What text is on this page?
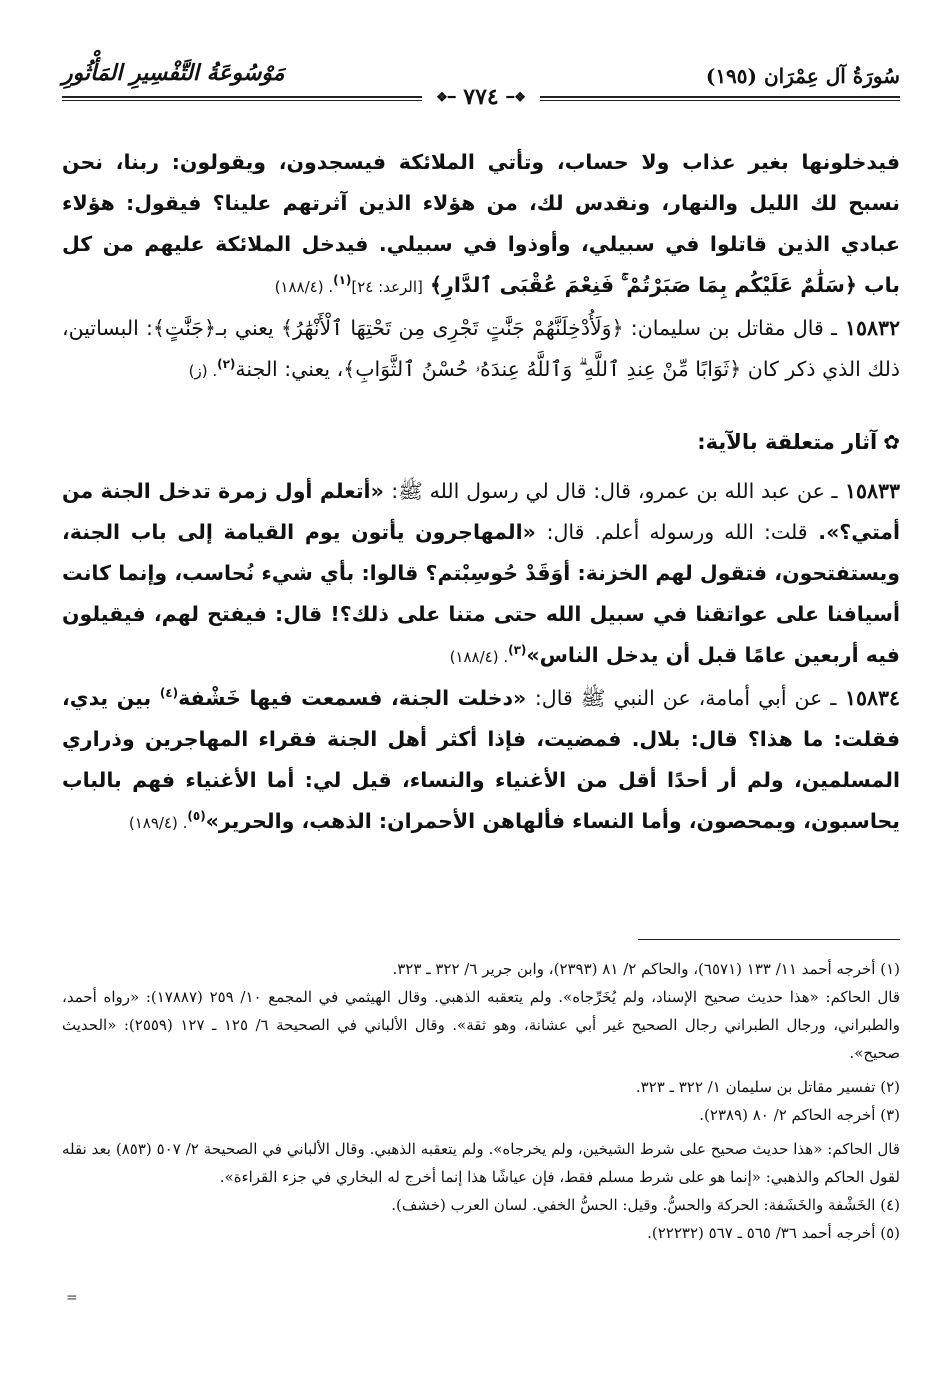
سُورَةُ آل عِمْرَان (١٩٥)
مَوْسُوعَةُ التَّفْسِيرِ المَأْثُورِ
❖━ ٧٧٤ ━❖

فيدخلونها بغير عذاب ولا حساب، وتأتي الملائكة فيسجدون، ويقولون: ربنا، نحن نسبح لك الليل والنهار، ونقدس لك، من هؤلاء الذين آثرتهم علينا؟ فيقول: هؤلاء عبادي الذين قاتلوا في سبيلي، وأوذوا في سبيلي. فيدخل الملائكة عليهم من كل باب ﴿سَلَٰمٌ عَلَيْكُم بِمَا صَبَرْتُمْ ۚ فَنِعْمَ عُقْبَى ٱلدَّارِ﴾ [الرعد: ٢٤]$^{(١)}$. (١٨٨/٤)

١٥٨٣٢ ـ قال مقاتل بن سليمان: ﴿وَلَأُدْخِلَنَّهُمْ جَنَّٰتٍ تَجْرِى مِن تَحْتِهَا ٱلْأَنْهَٰرُ﴾ يعني بـ﴿جَنَّٰتٍ﴾: البساتين، ذلك الذي ذكر كان ﴿ثَوَابًا مِّنْ عِندِ ٱللَّهِ ۗ وَٱللَّهُ عِندَهُۥ حُسْنُ ٱلثَّوَابِ﴾، يعني: الجنة$^{(٢)}$. (ز)

✿آثار متعلقة بالآية:

١٥٨٣٣ ـ عن عبد الله بن عمرو، قال: قال لي رسول الله ﷺ: «أتعلم أول زمرة تدخل الجنة من أمتي؟». قلت: الله ورسوله أعلم. قال: «المهاجرون يأتون يوم القيامة إلى باب الجنة، ويستفتحون، فتقول لهم الخزنة: أوَقَدْ حُوسِبْتم؟ قالوا: بأي شيء نُحاسب، وإنما كانت أسيافنا على عواتقنا في سبيل الله حتى متنا على ذلك؟! قال: فيفتح لهم، فيقيلون فيه أربعين عامًا قبل أن يدخل الناس»$^{(٣)}$. (١٨٨/٤)

١٥٨٣٤ ـ عن أبي أمامة، عن النبي ﷺ قال: «دخلت الجنة، فسمعت فيها خَشْفة$^{(٤)}$ بين يدي، فقلت: ما هذا؟ قال: بلال. فمضيت، فإذا أكثر أهل الجنة فقراء المهاجرين وذراري المسلمين، ولم أر أحدًا أقل من الأغنياء والنساء، قيل لي: أما الأغنياء فهم بالباب يحاسبون، ويمحصون، وأما النساء فألهاهن الأحمران: الذهب، والحرير»$^{(٥)}$. (١٨٩/٤)

(١) أخرجه أحمد ١١/ ١٣٣ (٦٥٧١)، والحاكم ٢/ ٨١ (٢٣٩٣)، وابن جرير ٦/ ٣٢٢ ـ ٣٢٣.

قال الحاكم: «هذا حديث صحيح الإسناد، ولم يُخَرِّجاه». ولم يتعقبه الذهبي. وقال الهيثمي في المجمع ١٠/ ٢٥٩ (١٧٨٨٧): «رواه أحمد، والطبراني، ورجال الطبراني رجال الصحيح غير أبي عشانة، وهو ثقة». وقال الألباني في الصحيحة ٦/ ١٢٥ ـ ١٢٧ (٢٥٥٩): «الحديث صحيح».

(٢) تفسير مقاتل بن سليمان ١/ ٣٢٢ ـ ٣٢٣.

(٣) أخرجه الحاكم ٢/ ٨٠ (٢٣٨٩).

قال الحاكم: «هذا حديث صحيح على شرط الشيخين، ولم يخرجاه». ولم يتعقبه الذهبي. وقال الألباني في الصحيحة ٢/ ٥٠٧ (٨٥٣) بعد نقله لقول الحاكم والذهبي: «إنما هو على شرط مسلم فقط، فإن عياشًا هذا إنما أخرج له البخاري في جزء القراءة».

(٤) الخَشْفة والخَشَفة: الحركة والحسُّ. وقيل: الحسُّ الخفي. لسان العرب (خشف).

(٥) أخرجه أحمد ٣٦/ ٥٦٥ ـ ٥٦٧ (٢٢٢٣٢).

=
